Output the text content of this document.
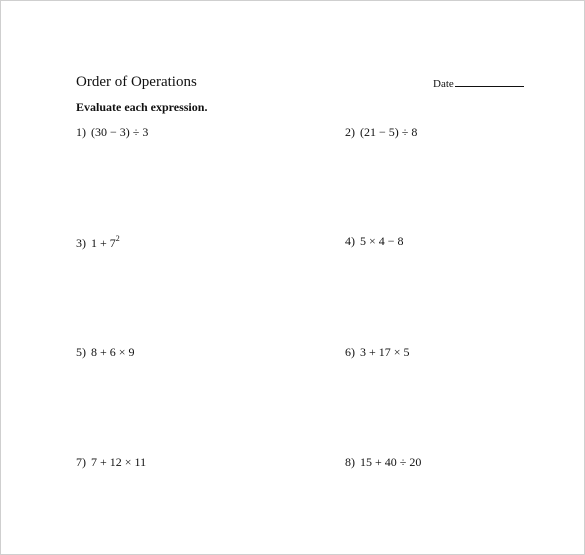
Order of Operations	Date
Evaluate each expression.
1) (30 − 3) ÷ 3	2) (21 − 5) ÷ 8
3) $1 + 7^2$	4) 5 × 4 − 8
5) 8 + 6 × 9	6) 3 + 17 × 5
7) 7 + 12 × 11	8) 15 + 40 ÷ 20
